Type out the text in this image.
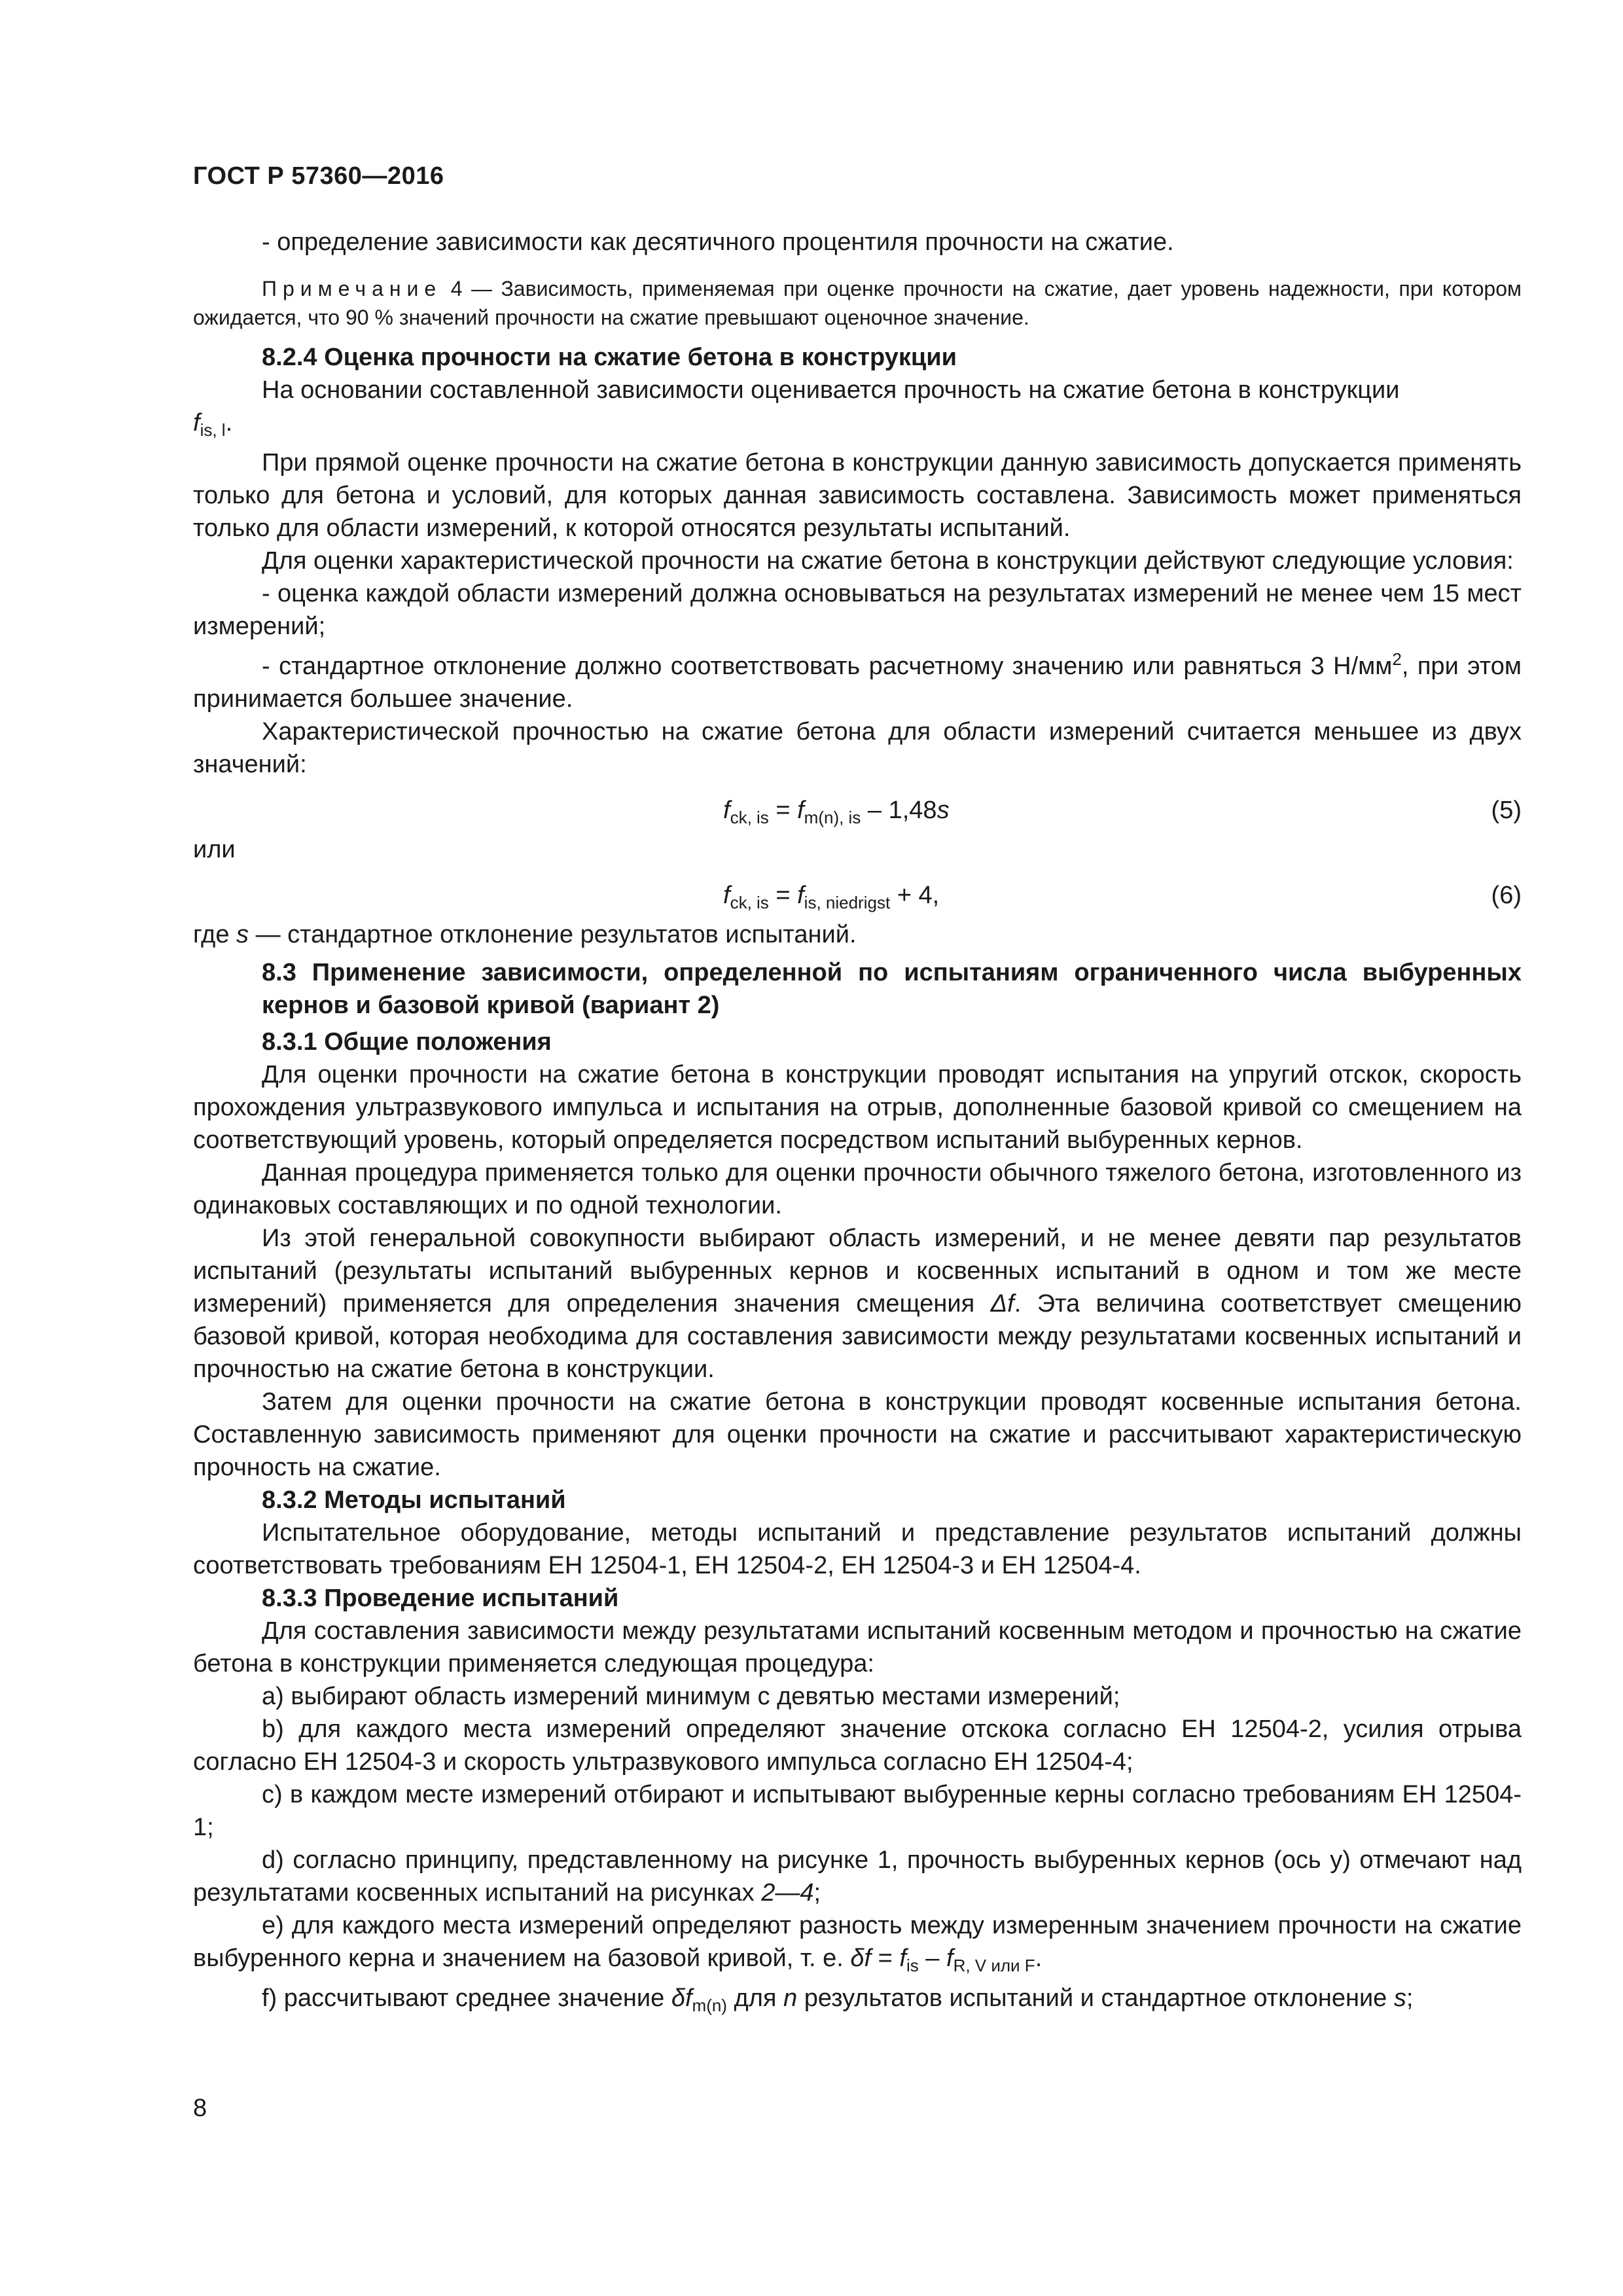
ГОСТ Р 57360—2016

- определение зависимости как десятичного процентиля прочности на сжатие.

Примечание 4 — Зависимость, применяемая при оценке прочности на сжатие, дает уровень надежности, при котором ожидается, что 90 % значений прочности на сжатие превышают оценочное значение.

8.2.4 Оценка прочности на сжатие бетона в конструкции

На основании составленной зависимости оценивается прочность на сжатие бетона в конструкции
$f_{is, l}$.

При прямой оценке прочности на сжатие бетона в конструкции данную зависимость допускается применять только для бетона и условий, для которых данная зависимость составлена. Зависимость может применяться только для области измерений, к которой относятся результаты испытаний.

Для оценки характеристической прочности на сжатие бетона в конструкции действуют следующие условия:

- оценка каждой области измерений должна основываться на результатах измерений не менее чем 15 мест измерений;

- стандартное отклонение должно соответствовать расчетному значению или равняться 3 $Н/мм^2$, при этом принимается большее значение.

Характеристической прочностью на сжатие бетона для области измерений считается меньшее из двух значений:

$f_{ck, is} = f_{m(n), is} - 1,48s$	(5)

или

$f_{ck, is} = f_{is, niedrigst} + 4$,	(6)

где s — стандартное отклонение результатов испытаний.

8.3 Применение зависимости, определенной по испытаниям ограниченного числа выбуренных кернов и базовой кривой (вариант 2)
8.3.1 Общие положения

Для оценки прочности на сжатие бетона в конструкции проводят испытания на упругий отскок, скорость прохождения ультразвукового импульса и испытания на отрыв, дополненные базовой кривой со смещением на соответствующий уровень, который определяется посредством испытаний выбуренных кернов.

Данная процедура применяется только для оценки прочности обычного тяжелого бетона, изготовленного из одинаковых составляющих и по одной технологии.

Из этой генеральной совокупности выбирают область измерений, и не менее девяти пар результатов испытаний (результаты испытаний выбуренных кернов и косвенных испытаний в одном и том же месте измерений) применяется для определения значения смещения Δf. Эта величина соответствует смещению базовой кривой, которая необходима для составления зависимости между результатами косвенных испытаний и прочностью на сжатие бетона в конструкции.

Затем для оценки прочности на сжатие бетона в конструкции проводят косвенные испытания бетона. Составленную зависимость применяют для оценки прочности на сжатие и рассчитывают характеристическую прочность на сжатие.

8.3.2 Методы испытаний

Испытательное оборудование, методы испытаний и представление результатов испытаний должны соответствовать требованиям ЕН 12504-1, ЕН 12504-2, ЕН 12504-3 и ЕН 12504-4.

8.3.3 Проведение испытаний

Для составления зависимости между результатами испытаний косвенным методом и прочностью на сжатие бетона в конструкции применяется следующая процедура:

а) выбирают область измерений минимум с девятью местами измерений;

b) для каждого места измерений определяют значение отскока согласно ЕН 12504-2, усилия отрыва согласно ЕН 12504-3 и скорость ультразвукового импульса согласно ЕН 12504-4;

c) в каждом месте измерений отбирают и испытывают выбуренные керны согласно требованиям ЕН 12504-1;

d) согласно принципу, представленному на рисунке 1, прочность выбуренных кернов (ось у) отмечают над результатами косвенных испытаний на рисунках 2—4;

е) для каждого места измерений определяют разность между измеренным значением прочности на сжатие выбуренного керна и значением на базовой кривой, т. е. $\delta f = f_{is} - f_{R, V или F}$.

f) рассчитывают среднее значение $\delta f_{m(n)}$ для n результатов испытаний и стандартное отклонение s;

8
